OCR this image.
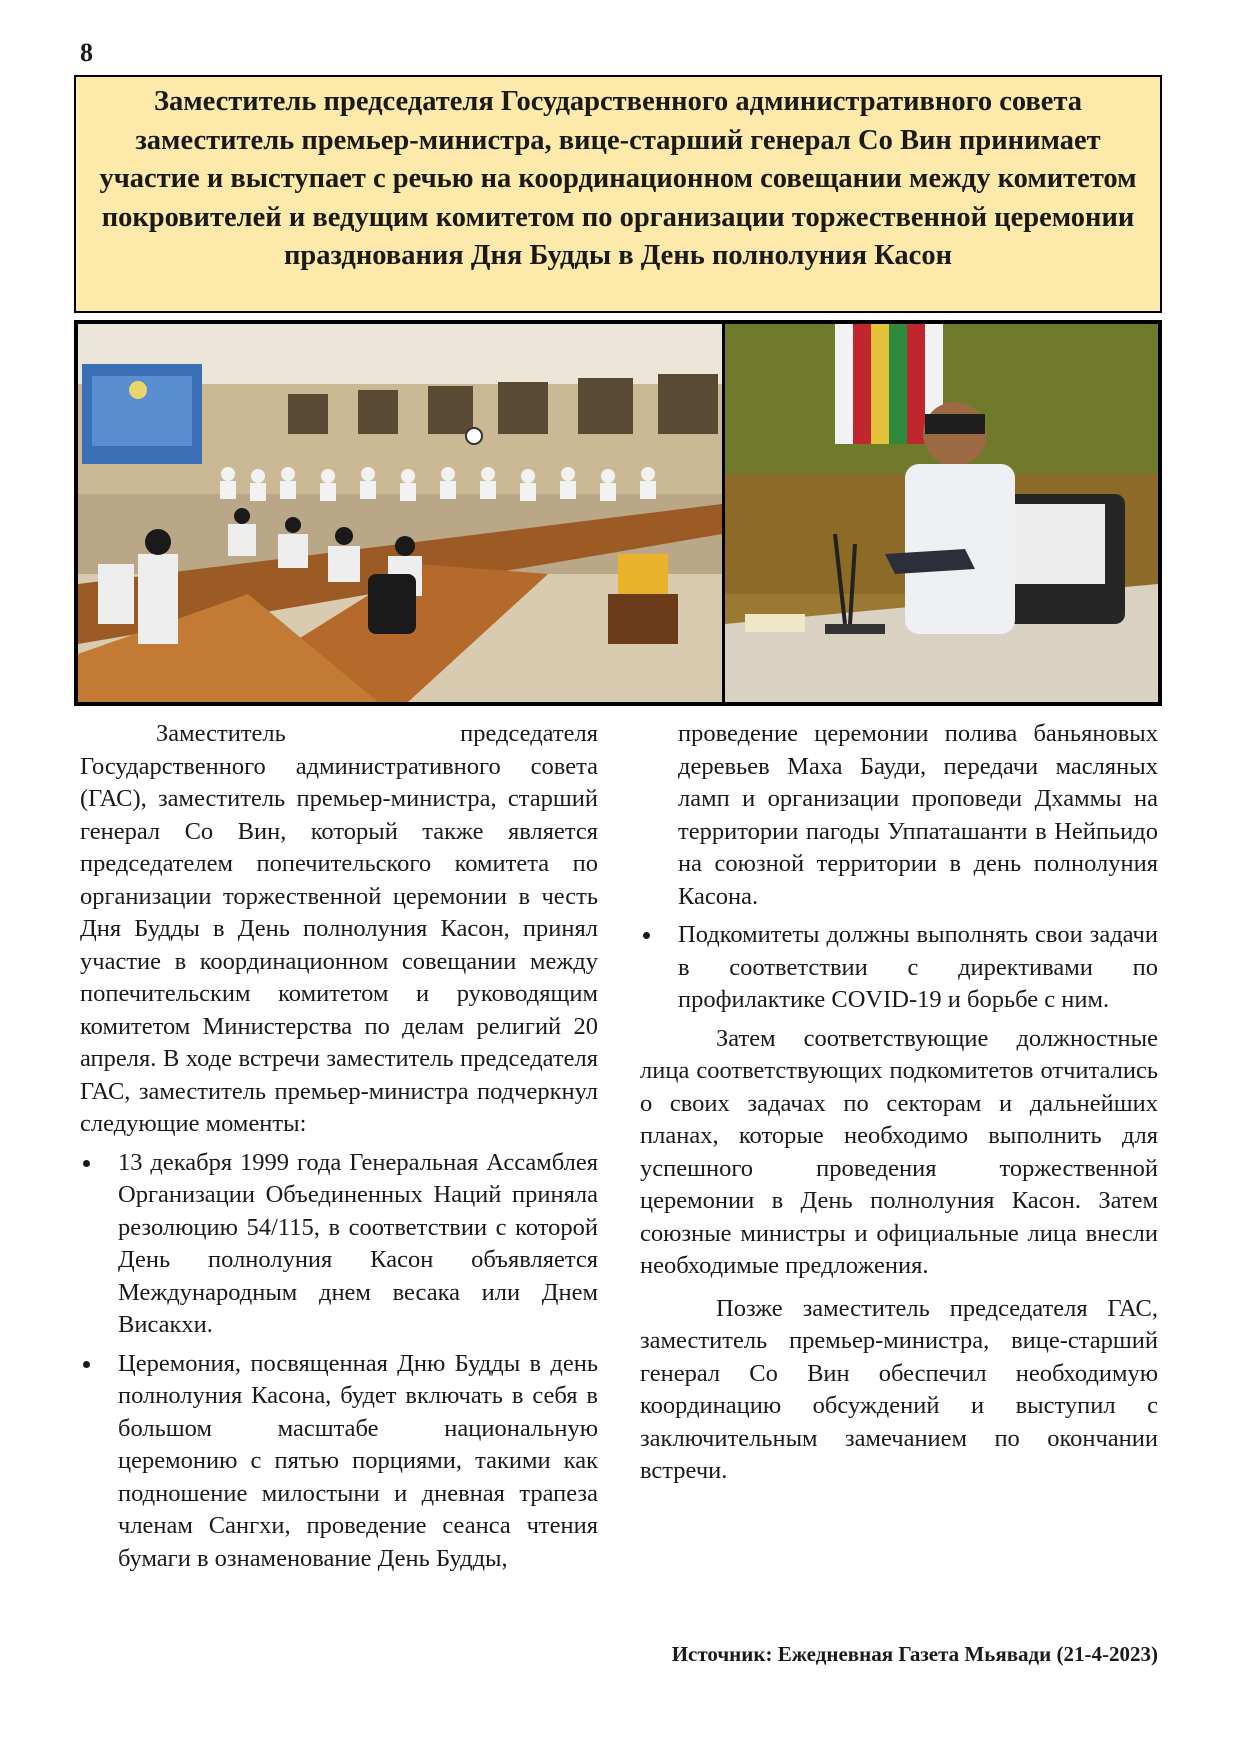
8
Заместитель председателя Государственного административного совета заместитель премьер-министра, вице-старший генерал Со Вин принимает участие и выступает с речью на координационном совещании между комитетом покровителей и ведущим комитетом по организации торжественной церемонии празднования Дня Будды в День полнолуния Касон

Заместитель председателя Государственного административного совета (ГАС), заместитель премьер-министра, старший генерал Со Вин, который также является председателем попечительского комитета по организации торжественной церемонии в честь Дня Будды в День полнолуния Касон, принял участие в координационном совещании между попечительским комитетом и руководящим комитетом Министерства по делам религий 20 апреля. В ходе встречи заместитель председателя ГАС, заместитель премьер-министра подчеркнул следующие моменты:

13 декабря 1999 года Генеральная Ассамблея Организации Объединенных Наций приняла резолюцию 54/115, в соответствии с которой День полнолуния Касон объявляется Международным днем весака или Днем Висакхи.
Церемония, посвященная Дню Будды в день полнолуния Касона, будет включать в себя в большом масштабе национальную церемонию с пятью порциями, такими как подношение милостыни и дневная трапеза членам Сангхи, проведение сеанса чтения бумаги в ознаменование День Будды,

проведение церемонии полива баньяновых деревьев Маха Бауди, передачи масляных ламп и организации проповеди Дхаммы на территории пагоды Уппаташанти в Нейпьидо на союзной территории в день полнолуния Касона.

Подкомитеты должны выполнять свои задачи в соответствии с директивами по профилактике COVID-19 и борьбе с ним.

Затем соответствующие должностные лица соответствующих подкомитетов отчитались о своих задачах по секторам и дальнейших планах, которые необходимо выполнить для успешного проведения торжественной церемонии в День полнолуния Касон. Затем союзные министры и официальные лица внесли необходимые предложения.

Позже заместитель председателя ГАС, заместитель премьер-министра, вице-старший генерал Со Вин обеспечил необходимую координацию обсуждений и выступил с заключительным замечанием по окончании встречи.

Источник: Ежедневная Газета Мьявади (21-4-2023)
